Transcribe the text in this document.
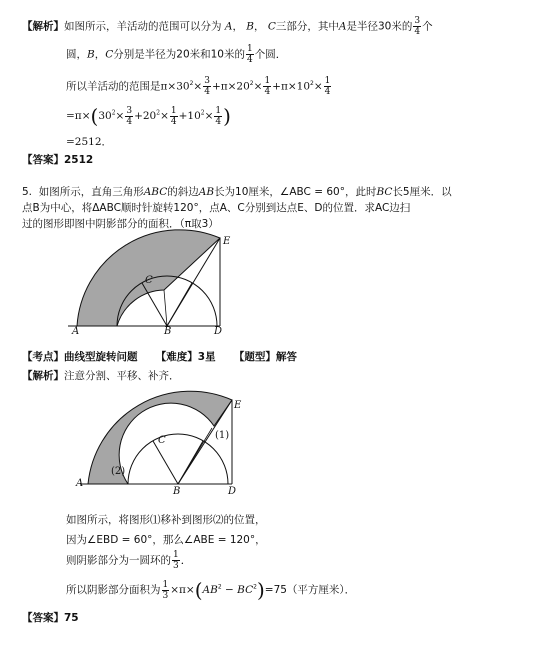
【解析】如图所示，羊活动的范围可以分为 A， B， C三部分，其中A是半径30米的 $\frac{3}{4}$ 个
圆，B，C分别是半径为20米和10米的 $\frac{1}{4}$ 个圆．
所以羊活动的范围是$\pi\times 30^2\times \frac{3}{4} +\pi\times 20^2\times \frac{1}{4} +\pi\times 10^2\times \frac{1}{4}$
$=\pi\times(30^2\times \frac{3}{4} +20^2\times \frac{1}{4} +10^2\times \frac{1}{4}$ )
=2512．
【答案】2512
5. 如图所示，直角三角形ABC的斜边AB长为10厘米，∠ABC = 60°，此时BC长5厘米．以
点B为中心，将ΔABC顺时针旋转120°，点A、C分别到达点E、D的位置．求AC边扫
过的图形即图中阴影部分的面积．（π取3）
A	B
C
D
E
【考点】曲线型旋转问题 【难度】3星 【题型】解答
【解析】注意分割、平移、补齐．
A
B
C
D
E
(1)
(2)
如图所示，将图形⑴移补到图形⑵的位置，
因为∠EBD = 60°，那么∠ABE = 120°，
则阴影部分为一圆环的 $\frac{1}{3}$ ．
所以阴影部分面积为 $\frac{1}{3} \times\pi\times(AB^2 - BC^2)=75$（平方厘米）．
【答案】75
